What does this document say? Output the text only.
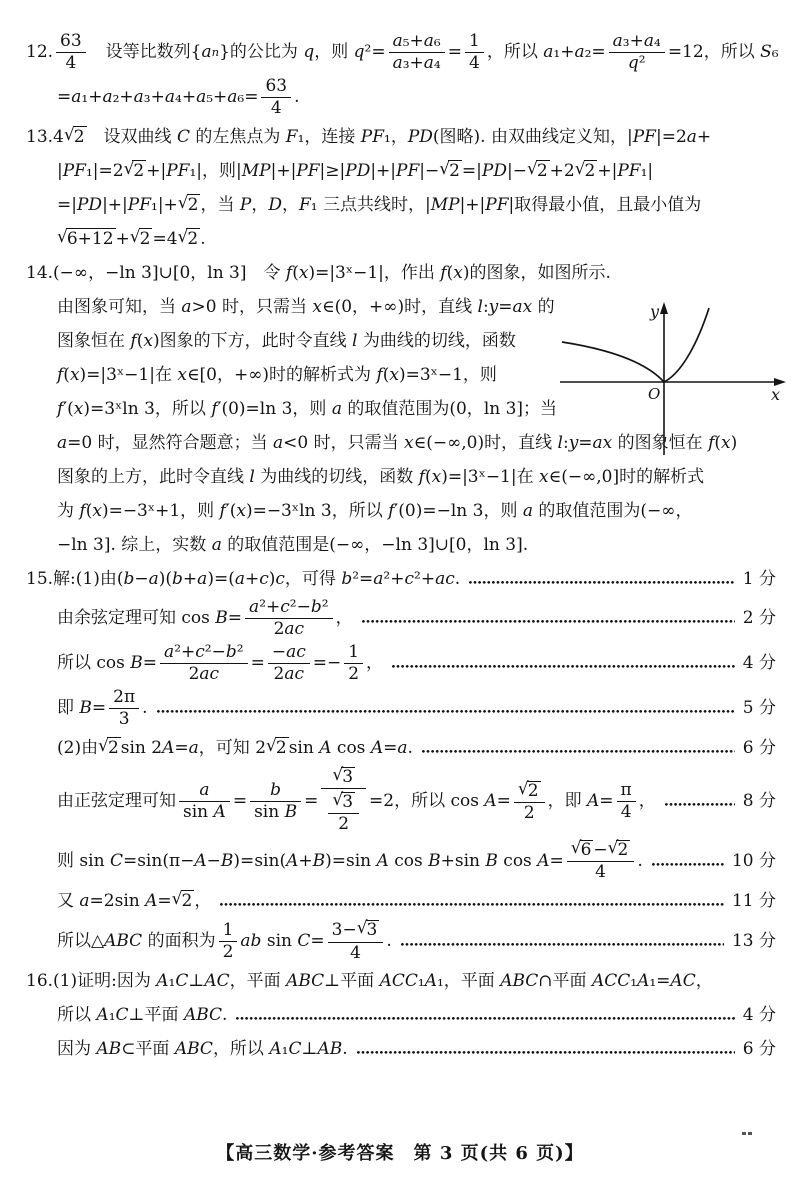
12. $\frac{63}{4}$ 　设等比数列{a n }的公比为 q，则 $q^2= \frac{\text{a₅+a₆}}{\text{a₃+a₄}} = \frac{1}{4}$ ，所以 $a_1+a_2= \frac{\text{a₃+a₄}}{\text{q²}} =12$，所以 S₆
$=a_1+a_2+a_3+a_4+a_5+a_6= \frac{63}{4}$ .
13.4 √ 2 　设双曲线 C 的左焦点为 F₁，连接 PF₁，PD(图略). 由双曲线定义知，|PF|=2a+
|PF₁|=2 √ 2 +|PF₁|，则|MP|+|PF|≥|PD|+|PF|− √ 2 =|PD|− √ 2 +2 √ 2 +|PF₁|
=|PD|+|PF₁|+ √ 2 ，当 P，D，F₁ 三点共线时，|MP|+|PF|取得最小值，且最小值为
√ 6+12 + √ 2 =4 √ 2 .
14.(−∞，−ln 3]∪[0，ln 3]　令 f(x)=|3ˣ−1|，作出 f(x)的图象，如图所示.
由图象可知，当 a>0 时，只需当 x∈(0，+∞)时，直线 l:y=ax 的
图象恒在 f(x)图象的下方，此时令直线 l 为曲线的切线，函数
f(x)=|3ˣ−1|在 x∈[0，+∞)时的解析式为 f(x)=3ˣ−1，则
f′(x)=3ˣln 3，所以 f′(0)=ln 3，则 a 的取值范围为(0，ln 3]；当
a=0 时，显然符合题意；当 a<0 时，只需当 x∈(−∞,0)时，直线 l:y=ax 的图象恒在 f(x)
图象的上方，此时令直线 l 为曲线的切线，函数 f(x)=|3ˣ−1|在 x∈(−∞,0]时的解析式
为 f(x)=−3ˣ+1，则 f′(x)=−3ˣln 3，所以 f′(0)=−ln 3，则 a 的取值范围为(−∞，
−ln 3]. 综上，实数 a 的取值范围是(−∞，−ln 3]∪[0，ln 3].
15.解:(1)由(b−a)(b+a)=(a+c)c，可得 b²=a²+c²+ac.	1 分
由余弦定理可知 $\cos B= \frac{\text{a²+c²−b²}}{2ac}$ ，	2 分
所以 $\cos B= \frac{\text{a²+c²−b²}}{2ac} = \frac{-ac}{2ac} =- \frac{1}{2}$ ，	4 分
即 $B= \frac{2\pi}{3}$ .	5 分
(2)由 √ 2 sin 2A=a，可知 2 √ 2 sin A cos A=a.	6 分
由正弦定理可知 $\frac{a}{\text{sin A}} = \frac{b}{\text{sin B}} = \frac{√ 3}{\frac{√ 3}{2}} =2$，所以 $\cos A= \frac{√ 2}{2}$ ，即 $A= \frac{\pi}{4}$ ，	8 分
则 sin C=sin(π−A−B)=sin(A+B)=sin A cos B+sin B $\cos A= \frac{√ 6 - √ 2}{4}$ .	10 分
又 a=2sin A= √ 2 ，	11 分
所以△ABC 的面积为 $\frac{1}{2}$ ab $\sin C= \frac{3- √ 3}{4}$ .	13 分
16.(1)证明:因为 A₁C⊥AC，平面 ABC⊥平面 ACC₁A₁，平面 ABC∩平面 ACC₁A₁=AC，
所以 A₁C⊥平面 ABC.	4 分
因为 AB⊂平面 ABC，所以 A₁C⊥AB.	6 分
y
O	x
【高三数学·参考答案　第 3 页(共 6 页)】
